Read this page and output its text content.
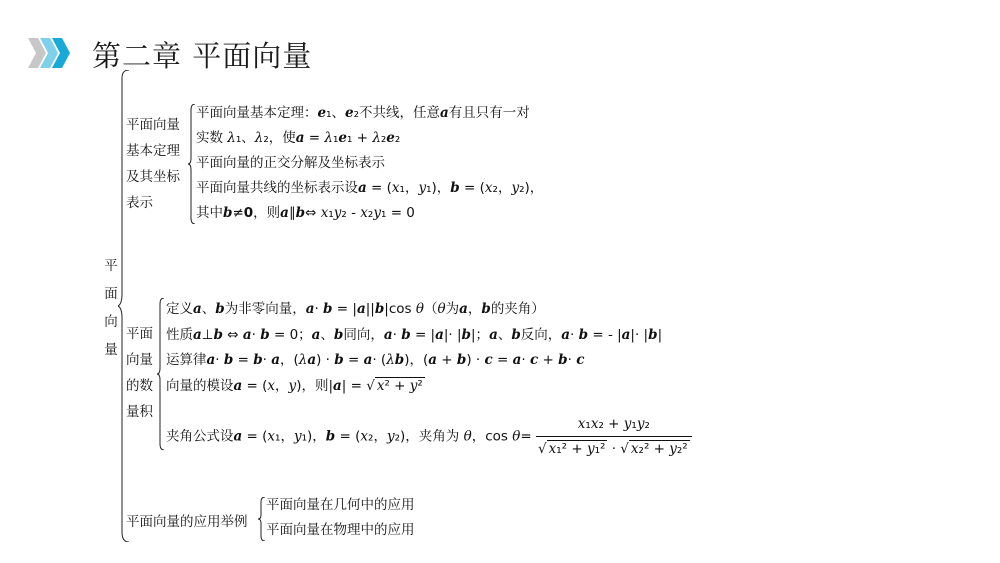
第二章 平面向量
平面向量
平面向量基本定理及其坐标表示
平面向量基本定理：e₁、e₂不共线，任意a有且只有一对
实数 λ₁、λ₂，使a = λ₁e₁ + λ₂e₂
平面向量的正交分解及坐标表示
平面向量共线的坐标表示设a = (x₁，y₁)，b = (x₂，y₂)，
其中b≠0，则a∥b⇔ x₁y₂ - x₂y₁ = 0
平面向量的数量积
定义a、b为非零向量，a· b = |a||b|cos θ（θ为a，b的夹角）
性质a⊥b ⇔ a· b = 0；a、b同向，a· b = |a|· |b|；a、b反向，a· b = - |a|· |b|
运算律a· b = b· a，(λa) · b = a· (λb)，(a + b) · c = a· c + b· c
向量的模设a = (x，y)，则|a| = √ x² + y²
夹角公式设a = (x₁，y₁)，b = (x₂，y₂)，夹角为 θ，$\cos \theta= \frac{\text{x₁x₂ + y₁y₂}}{\text{√ x₁² + y₁² · √ x₂² + y₂²}}$
平面向量的应用举例
平面向量在几何中的应用
平面向量在物理中的应用
